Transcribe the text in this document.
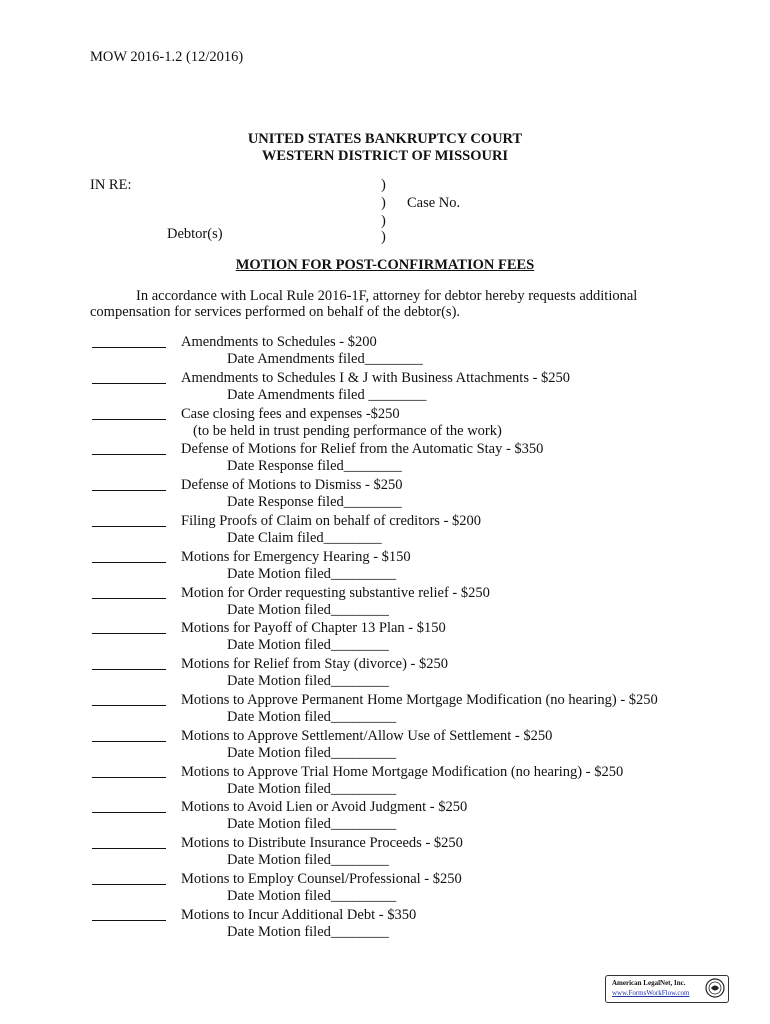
MOW 2016-1.2 (12/2016)
UNITED STATES BANKRUPTCY COURT
WESTERN DISTRICT OF MISSOURI
IN RE:	)
)
)
)
Case No.
Debtor(s)
MOTION FOR POST-CONFIRMATION FEES
In accordance with Local Rule 2016-1F, attorney for debtor hereby requests additional
compensation for services performed on behalf of the debtor(s).
Amendments to Schedules - $200
Date Amendments filed________
Amendments to Schedules I & J with Business Attachments - $250
Date Amendments filed ________
Case closing fees and expenses -$250
(to be held in trust pending performance of the work)
Defense of Motions for Relief from the Automatic Stay - $350
Date Response filed________
Defense of Motions to Dismiss - $250
Date Response filed________
Filing Proofs of Claim on behalf of creditors - $200
Date Claim filed________
Motions for Emergency Hearing - $150
Date Motion filed_________
Motion for Order requesting substantive relief - $250
Date Motion filed________
Motions for Payoff of Chapter 13 Plan - $150
Date Motion filed________
Motions for Relief from Stay (divorce) - $250
Date Motion filed________
Motions to Approve Permanent Home Mortgage Modification (no hearing) - $250
Date Motion filed_________
Motions to Approve Settlement/Allow Use of Settlement - $250
Date Motion filed_________
Motions to Approve Trial Home Mortgage Modification (no hearing) - $250
Date Motion filed_________
Motions to Avoid Lien or Avoid Judgment - $250
Date Motion filed_________
Motions to Distribute Insurance Proceeds - $250
Date Motion filed________
Motions to Employ Counsel/Professional - $250
Date Motion filed_________
Motions to Incur Additional Debt - $350
Date Motion filed________
American LegalNet, Inc.
www.FormsWorkFlow.com
